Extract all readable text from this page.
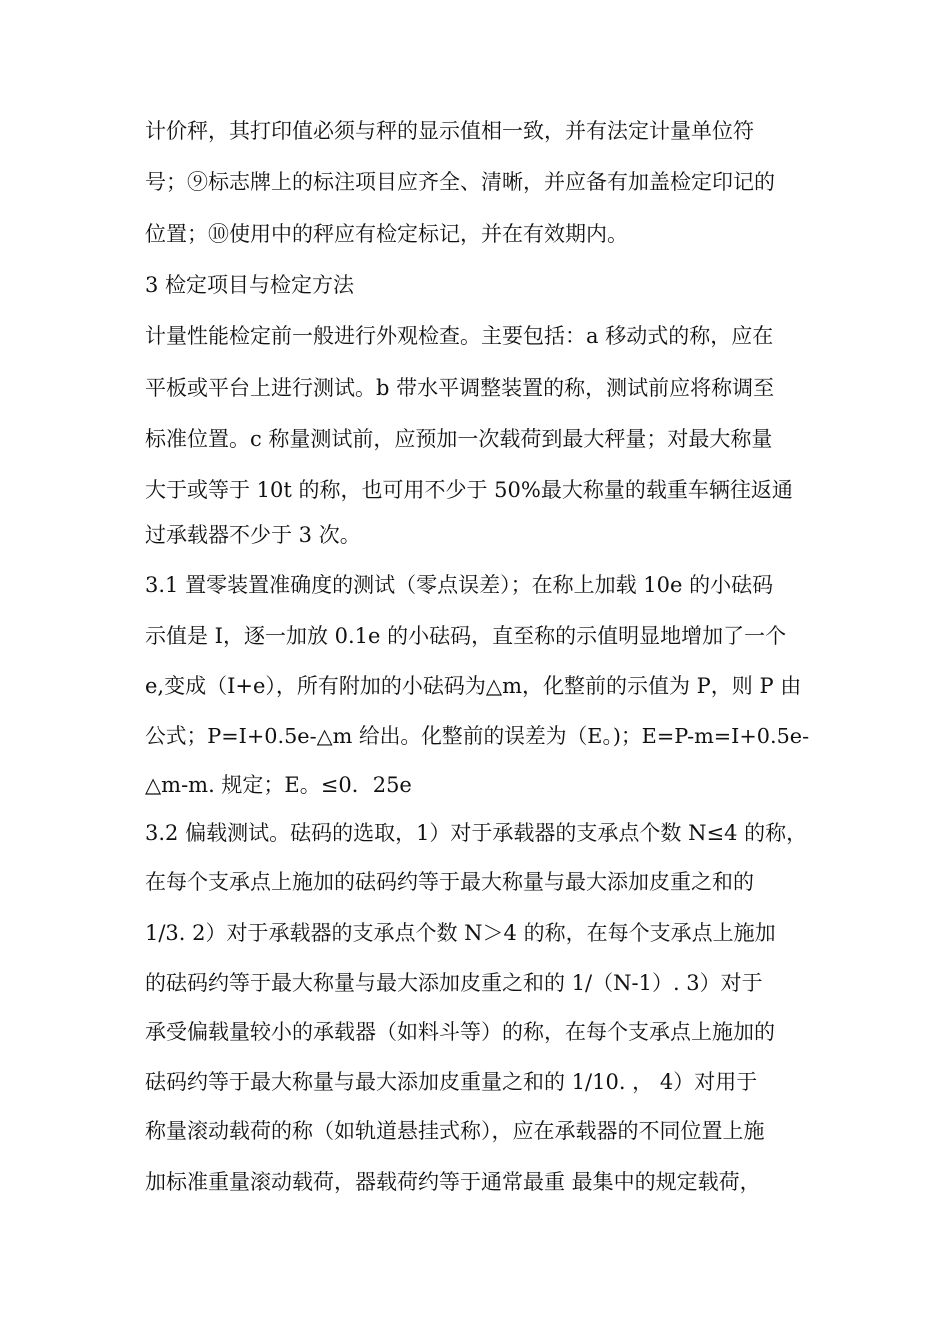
计价秤，其打印值必须与秤的显示值相一致，并有法定计量单位符
号；⑨标志牌上的标注项目应齐全、清晰，并应备有加盖检定印记的
位置；⑩使用中的秤应有检定标记，并在有效期内。
3 检定项目与检定方法
计量性能检定前一般进行外观检查。主要包括：a 移动式的称，应在
平板或平台上进行测试。b 带水平调整装置的称，测试前应将称调至
标准位置。c 称量测试前，应预加一次载荷到最大秤量；对最大称量
大于或等于 10t 的称，也可用不少于 50%最大称量的载重车辆往返通
过承载器不少于 3 次。
3.1 置零装置准确度的测试（零点误差）；在称上加载 10e 的小砝码
示值是 I，逐一加放 0.1e 的小砝码，直至称的示值明显地增加了一个
e,变成（I+e），所有附加的小砝码为△m，化整前的示值为 P，则 P 由
公式；P=I+0.5e-△m 给出。化整前的误差为（E。)；E=P-m=I+0.5e-
△m-m. 规定；E。≤0．25e
3.2 偏载测试。砝码的选取，1）对于承载器的支承点个数 N≤4 的称，
在每个支承点上施加的砝码约等于最大称量与最大添加皮重之和的
1/3. 2）对于承载器的支承点个数 N＞4 的称，在每个支承点上施加
的砝码约等于最大称量与最大添加皮重之和的 1/（N-1）. 3）对于
承受偏载量较小的承载器（如料斗等）的称，在每个支承点上施加的
砝码约等于最大称量与最大添加皮重量之和的 1/10. ， 4）对用于
称量滚动载荷的称（如轨道悬挂式称），应在承载器的不同位置上施
加标准重量滚动载荷，器载荷约等于通常最重 最集中的规定载荷，
